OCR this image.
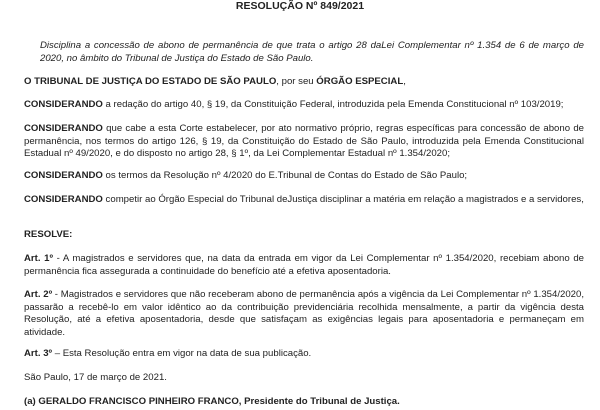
RESOLUÇÃO Nº 849/2021
Disciplina a concessão de abono de permanência de que trata o artigo 28 daLei Complementar nº 1.354 de 6 de março de 2020, no âmbito do Tribunal de Justiça do Estado de São Paulo.
O TRIBUNAL DE JUSTIÇA DO ESTADO DE SÃO PAULO, por seu ÓRGÃO ESPECIAL,
CONSIDERANDO a redação do artigo 40, § 19, da Constituição Federal, introduzida pela Emenda Constitucional nº 103/2019;
CONSIDERANDO que cabe a esta Corte estabelecer, por ato normativo próprio, regras específicas para concessão de abono de permanência, nos termos do artigo 126, § 19, da Constituição do Estado de São Paulo, introduzida pela Emenda Constitucional Estadual nº 49/2020, e do disposto no artigo 28, § 1º, da Lei Complementar Estadual nº 1.354/2020;
CONSIDERANDO os termos da Resolução nº 4/2020 do E.Tribunal de Contas do Estado de São Paulo;
CONSIDERANDO competir ao Órgão Especial do Tribunal deJustiça disciplinar a matéria em relação a magistrados e a servidores,
RESOLVE:
Art. 1º - A magistrados e servidores que, na data da entrada em vigor da Lei Complementar nº 1.354/2020, recebiam abono de permanência fica assegurada a continuidade do benefício até a efetiva aposentadoria.
Art. 2º - Magistrados e servidores que não receberam abono de permanência após a vigência da Lei Complementar nº 1.354/2020, passarão a recebê-lo em valor idêntico ao da contribuição previdenciária recolhida mensalmente, a partir da vigência desta Resolução, até a efetiva aposentadoria, desde que satisfaçam as exigências legais para aposentadoria e permaneçam em atividade.
Art. 3º – Esta Resolução entra em vigor na data de sua publicação.
São Paulo, 17 de março de 2021.
(a) GERALDO FRANCISCO PINHEIRO FRANCO, Presidente do Tribunal de Justiça.
